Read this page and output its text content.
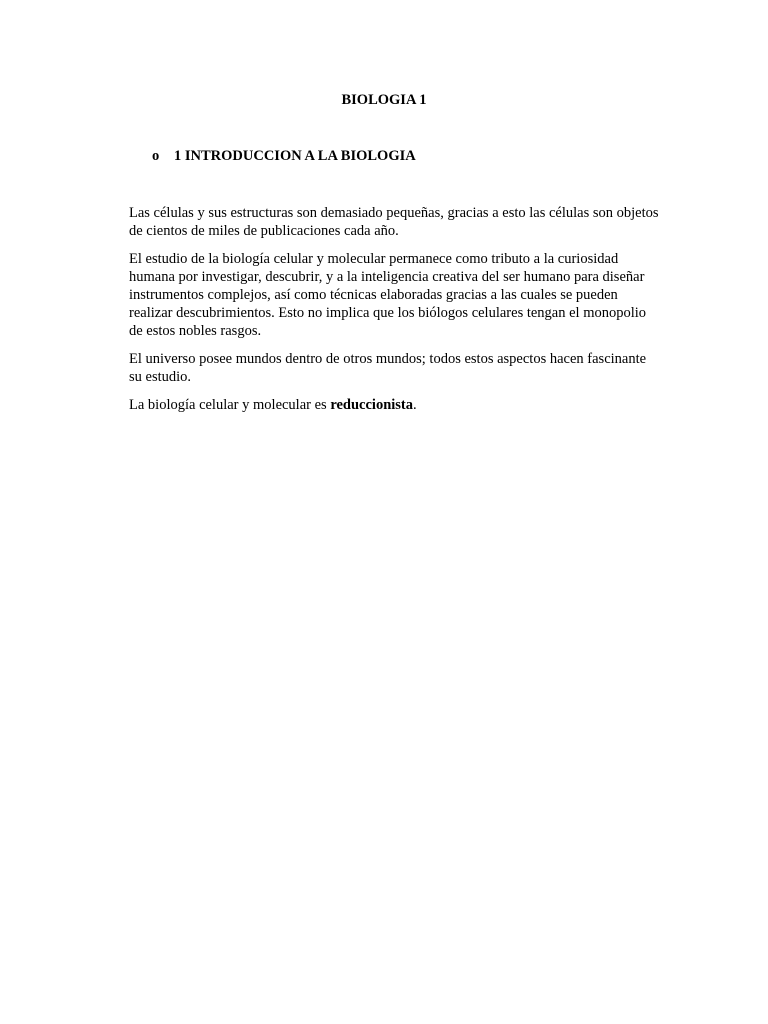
BIOLOGIA 1
o	1 INTRODUCCION A LA BIOLOGIA

Las células y sus estructuras son demasiado pequeñas, gracias a esto las células son objetos de cientos de miles de publicaciones cada año.

El estudio de la biología celular y molecular permanece como tributo a la curiosidad humana por investigar, descubrir, y a la inteligencia creativa del ser humano para diseñar instrumentos complejos, así como técnicas elaboradas gracias a las cuales se pueden realizar descubrimientos. Esto no implica que los biólogos celulares tengan el monopolio de estos nobles rasgos.

El universo posee mundos dentro de otros mundos; todos estos aspectos hacen fascinante su estudio.

La biología celular y molecular es reduccionista.
